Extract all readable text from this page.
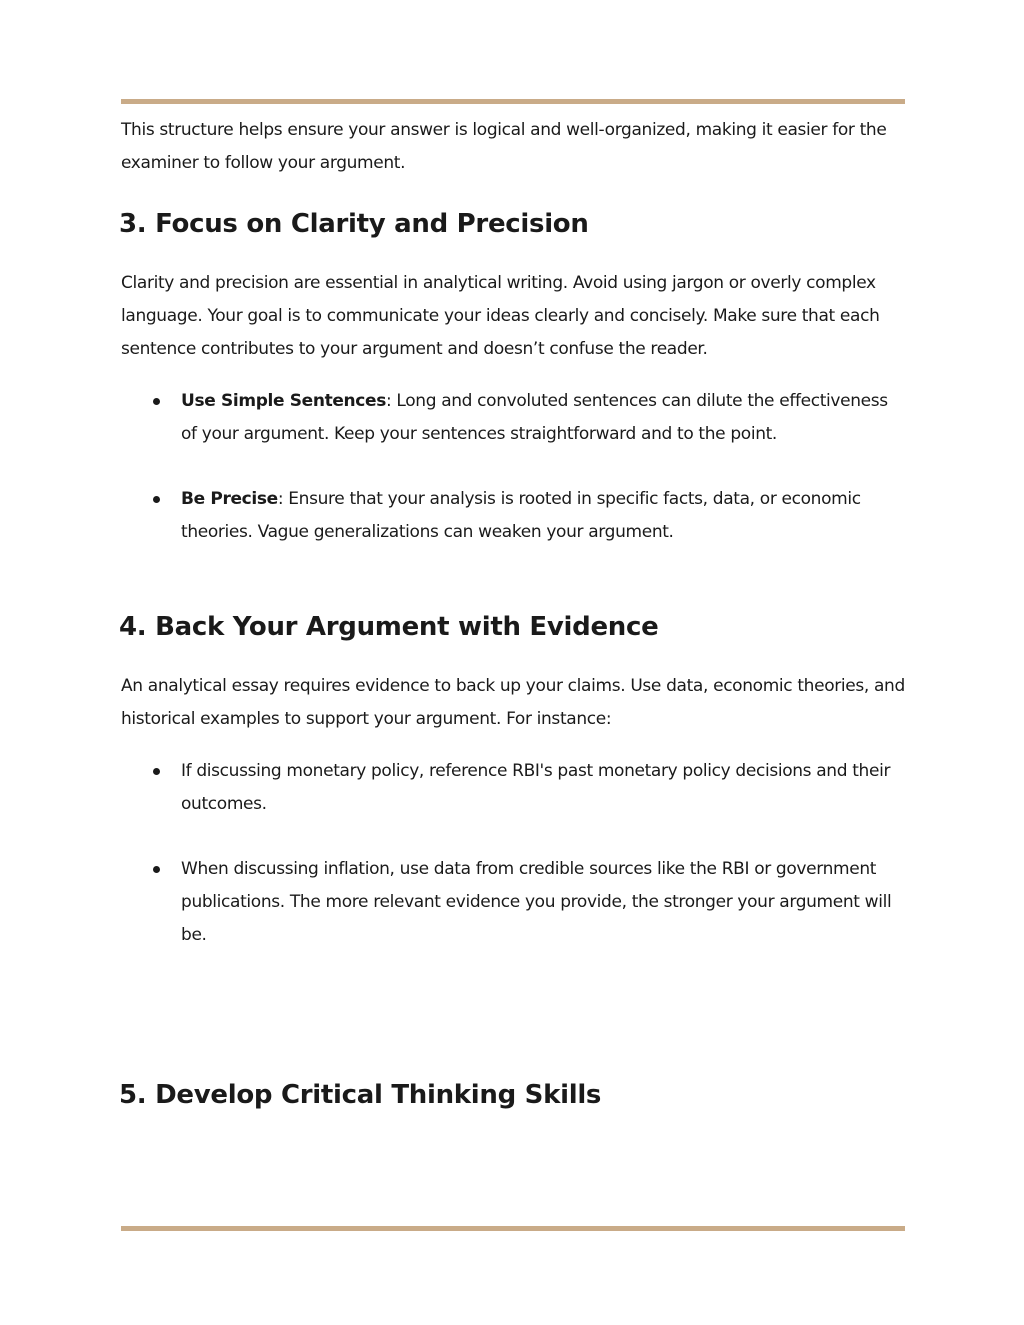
This structure helps ensure your answer is logical and well-organized, making it easier for the examiner to follow your argument.

3. Focus on Clarity and Precision

Clarity and precision are essential in analytical writing. Avoid using jargon or overly complex language. Your goal is to communicate your ideas clearly and concisely. Make sure that each sentence contributes to your argument and doesn’t confuse the reader.

Use Simple Sentences: Long and convoluted sentences can dilute the effectiveness of your argument. Keep your sentences straightforward and to the point.
Be Precise: Ensure that your analysis is rooted in specific facts, data, or economic theories. Vague generalizations can weaken your argument.
4. Back Your Argument with Evidence

An analytical essay requires evidence to back up your claims. Use data, economic theories, and historical examples to support your argument. For instance:

If discussing monetary policy, reference RBI's past monetary policy decisions and their outcomes.
When discussing inflation, use data from credible sources like the RBI or government publications. The more relevant evidence you provide, the stronger your argument will be.
5. Develop Critical Thinking Skills
